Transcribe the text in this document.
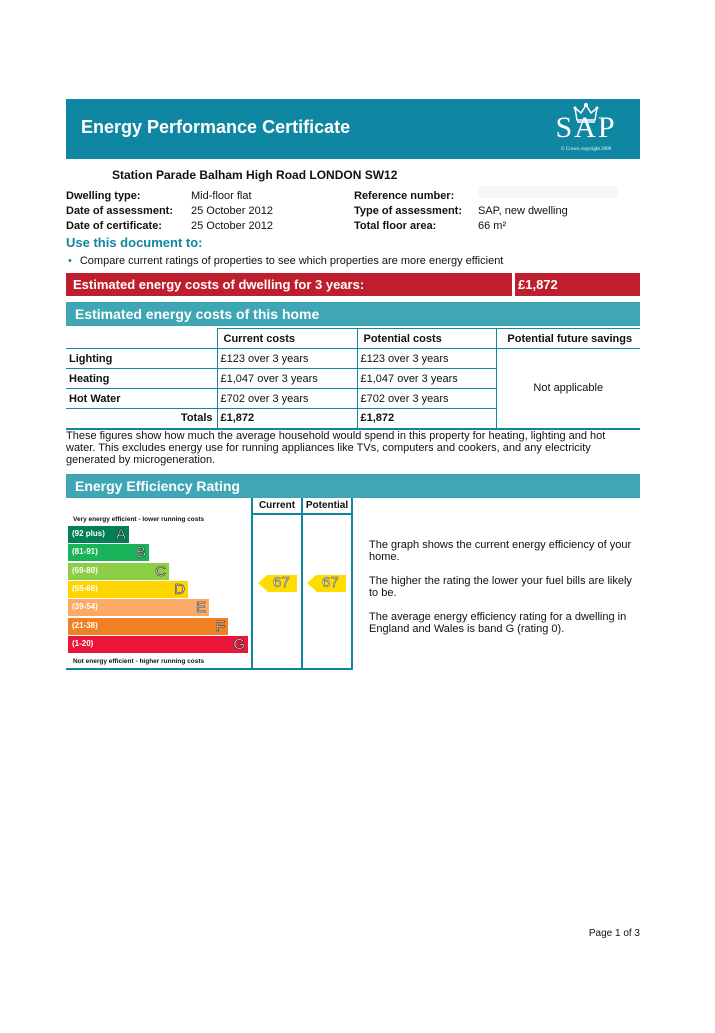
Energy Performance Certificate	SAP
© Crown copyright 2009
Station Parade Balham High Road LONDON SW12
Dwelling type:	Mid-floor flat
Date of assessment: 25 October 2012
Date of certificate:	25 October 2012
Reference number:
Type of assessment: SAP, new dwelling
Total floor area:	66 m²
Use this document to:
• Compare current ratings of properties to see which properties are more energy efficient
Estimated energy costs of dwelling for 3 years:	£1,872
Estimated energy costs of this home
	Current costs	Potential costs	Potential future savings
Lighting	£123 over 3 years	£123 over 3 years	Not applicable
Heating	£1,047 over 3 years	£1,047 over 3 years	
Hot Water	£702 over 3 years	£702 over 3 years	
Totals	£1,872	£1,872	
These figures show how much the average household would spend in this property for heating, lighting and hot water. This excludes energy use for running appliances like TVs, computers and cookers, and any electricity generated by microgeneration.
Energy Efficiency Rating
Current	Potential
Very energy efficient - lower running costs
(92 plus) A
(81-91)	B
(69-80)	C
(55-68)	D
(39-54)	E
(21-38)	F
(1-20)	G
Not energy efficient - higher running costs
67 67
The graph shows the current energy efficiency of your home.
The higher the rating the lower your fuel bills are likely to be.
The average energy efficiency rating for a dwelling in England and Wales is band G (rating 0).
Page 1 of 3
